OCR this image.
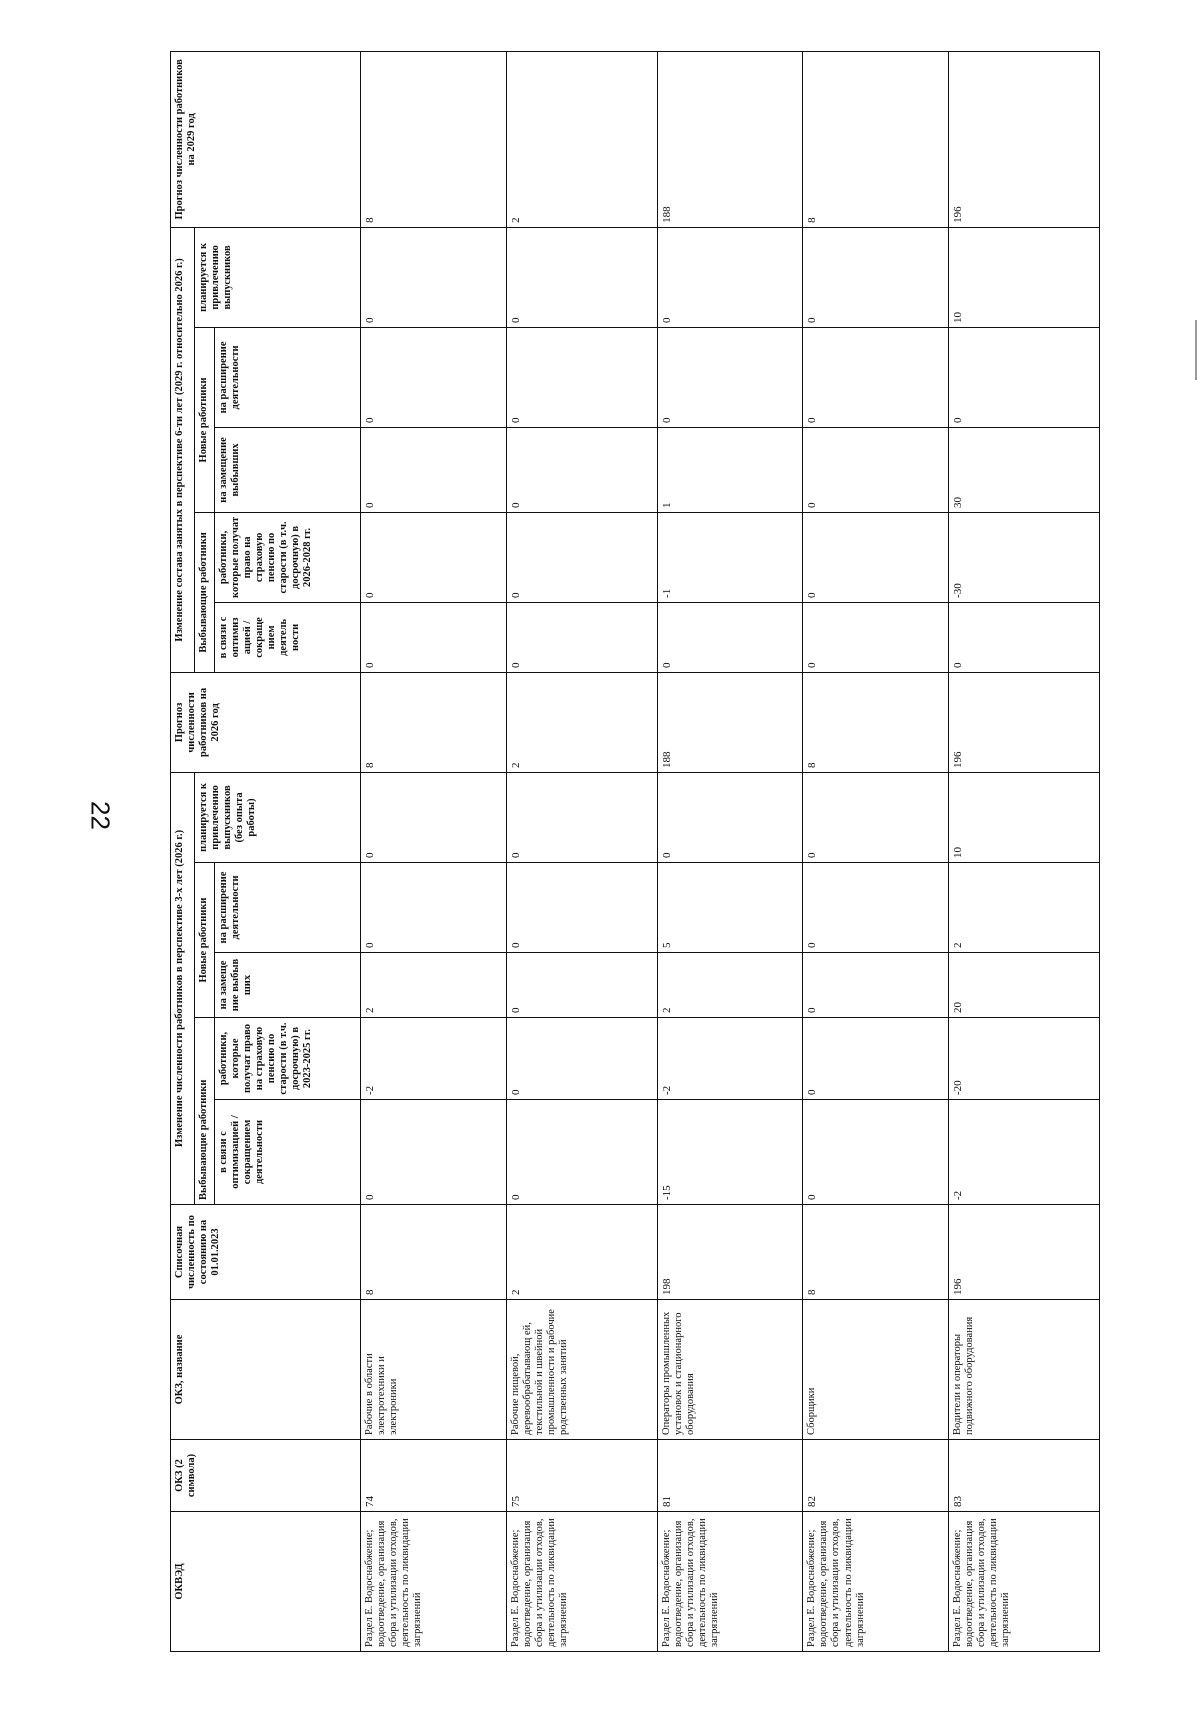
22
ОКВЭД	ОКЗ (2 символа)	ОКЗ, название	Списочная численность по состоянию на 01.01.2023	Изменение численности работников в перспективе 3-х лет (2026 г.)					Прогноз численности работников на 2026 год	Изменение состава занятых в перспективе 6-ти лет (2029 г. относительно 2026 г.)					Прогноз численности работников на 2029 год
				Выбывающие работники		Новые работники		планируется к привлечению выпускников (без опыта работы)		Выбывающие работники		Новые работники		планируется к привлечению выпускников	
				в связи с оптимизацией / сокращением деятельности	работники, которые получат право на страховую пенсию по старости (в т.ч. досрочную) в 2023-2025 гг.	на замеще ние выбыв ших	на расширение деятельности			в связи с оптимиз ацией / сокраще нием деятель ности	работники, которые получат право на страховую пенсию по старости (в т.ч. досрочную) в 2026-2028 гг.	на замещение выбывших	на расширение деятельности		
Раздел Е. Водоснабжение; водоотведение, организация сбора и утилизации отходов, деятельность по ликвидации загрязнений	74	Рабочие в области электротехники и электроники	8	0	-2	2	0	0	8	0	0	0	0	0	8
Раздел Е. Водоснабжение; водоотведение, организация сбора и утилизации отходов, деятельность по ликвидации загрязнений	75	Рабочие пищевой, деревообрабатывающ ей, текстильной и швейной промышленности и рабочие родственных занятий	2	0	0	0	0	0	2	0	0	0	0	0	2
Раздел Е. Водоснабжение; водоотведение, организация сбора и утилизации отходов, деятельность по ликвидации загрязнений	81	Операторы промышленных установок и стационарного оборудования	198	-15	-2	2	5	0	188	0	-1	1	0	0	188
Раздел Е. Водоснабжение; водоотведение, организация сбора и утилизации отходов, деятельность по ликвидации загрязнений	82	Сборщики	8	0	0	0	0	0	8	0	0	0	0	0	8
Раздел Е. Водоснабжение; водоотведение, организация сбора и утилизации отходов, деятельность по ликвидации загрязнений	83	Водители и операторы подвижного оборудования	196	-2	-20	20	2	10	196	0	-30	30	0	10	196
